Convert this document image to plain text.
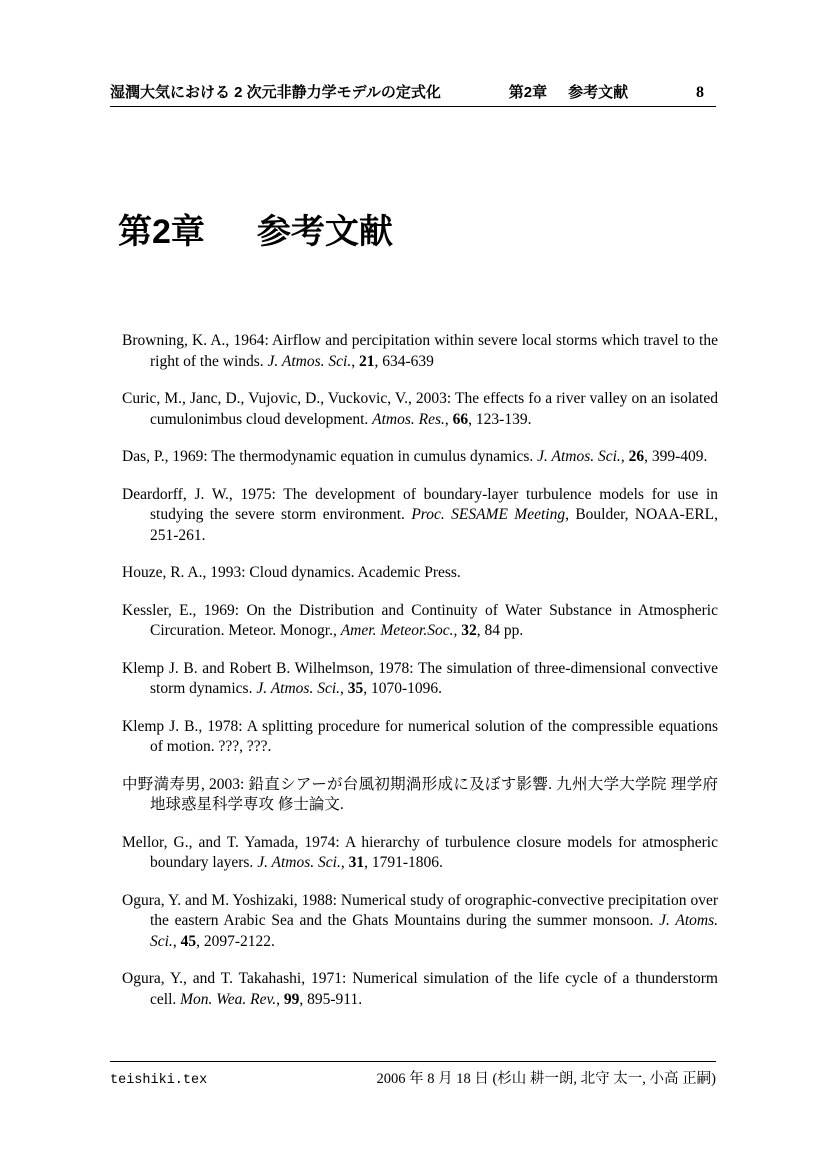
湿潤大気における 2 次元非静力学モデルの定式化	第2章 参考文献	8
第2章 参考文献

Browning, K. A., 1964: Airflow and percipitation within severe local storms which travel to the right of the winds. J. Atmos. Sci., 21, 634-639

Curic, M., Janc, D., Vujovic, D., Vuckovic, V., 2003: The effects fo a river valley on an isolated cumulonimbus cloud development. Atmos. Res., 66, 123-139.

Das, P., 1969: The thermodynamic equation in cumulus dynamics. J. Atmos. Sci., 26, 399-409.

Deardorff, J. W., 1975: The development of boundary-layer turbulence models for use in studying the severe storm environment. Proc. SESAME Meeting, Boulder, NOAA-ERL, 251-261.

Houze, R. A., 1993: Cloud dynamics. Academic Press.

Kessler, E., 1969: On the Distribution and Continuity of Water Substance in Atmospheric Circuration. Meteor. Monogr., Amer. Meteor.Soc., 32, 84 pp.

Klemp J. B. and Robert B. Wilhelmson, 1978: The simulation of three-dimensional convective storm dynamics. J. Atmos. Sci., 35, 1070-1096.

Klemp J. B., 1978: A splitting procedure for numerical solution of the compressible equations of motion. ???, ???.

中野満寿男, 2003: 鉛直シアーが台風初期渦形成に及ぼす影響. 九州大学大学院 理学府 地球惑星科学専攻 修士論文.

Mellor, G., and T. Yamada, 1974: A hierarchy of turbulence closure models for atmospheric boundary layers. J. Atmos. Sci., 31, 1791-1806.

Ogura, Y. and M. Yoshizaki, 1988: Numerical study of orographic-convective precipitation over the eastern Arabic Sea and the Ghats Mountains during the summer monsoon. J. Atoms. Sci., 45, 2097-2122.

Ogura, Y., and T. Takahashi, 1971: Numerical simulation of the life cycle of a thunderstorm cell. Mon. Wea. Rev., 99, 895-911.

teishiki.tex	2006 年 8 月 18 日 (杉山 耕一朗, 北守 太一, 小高 正嗣)
